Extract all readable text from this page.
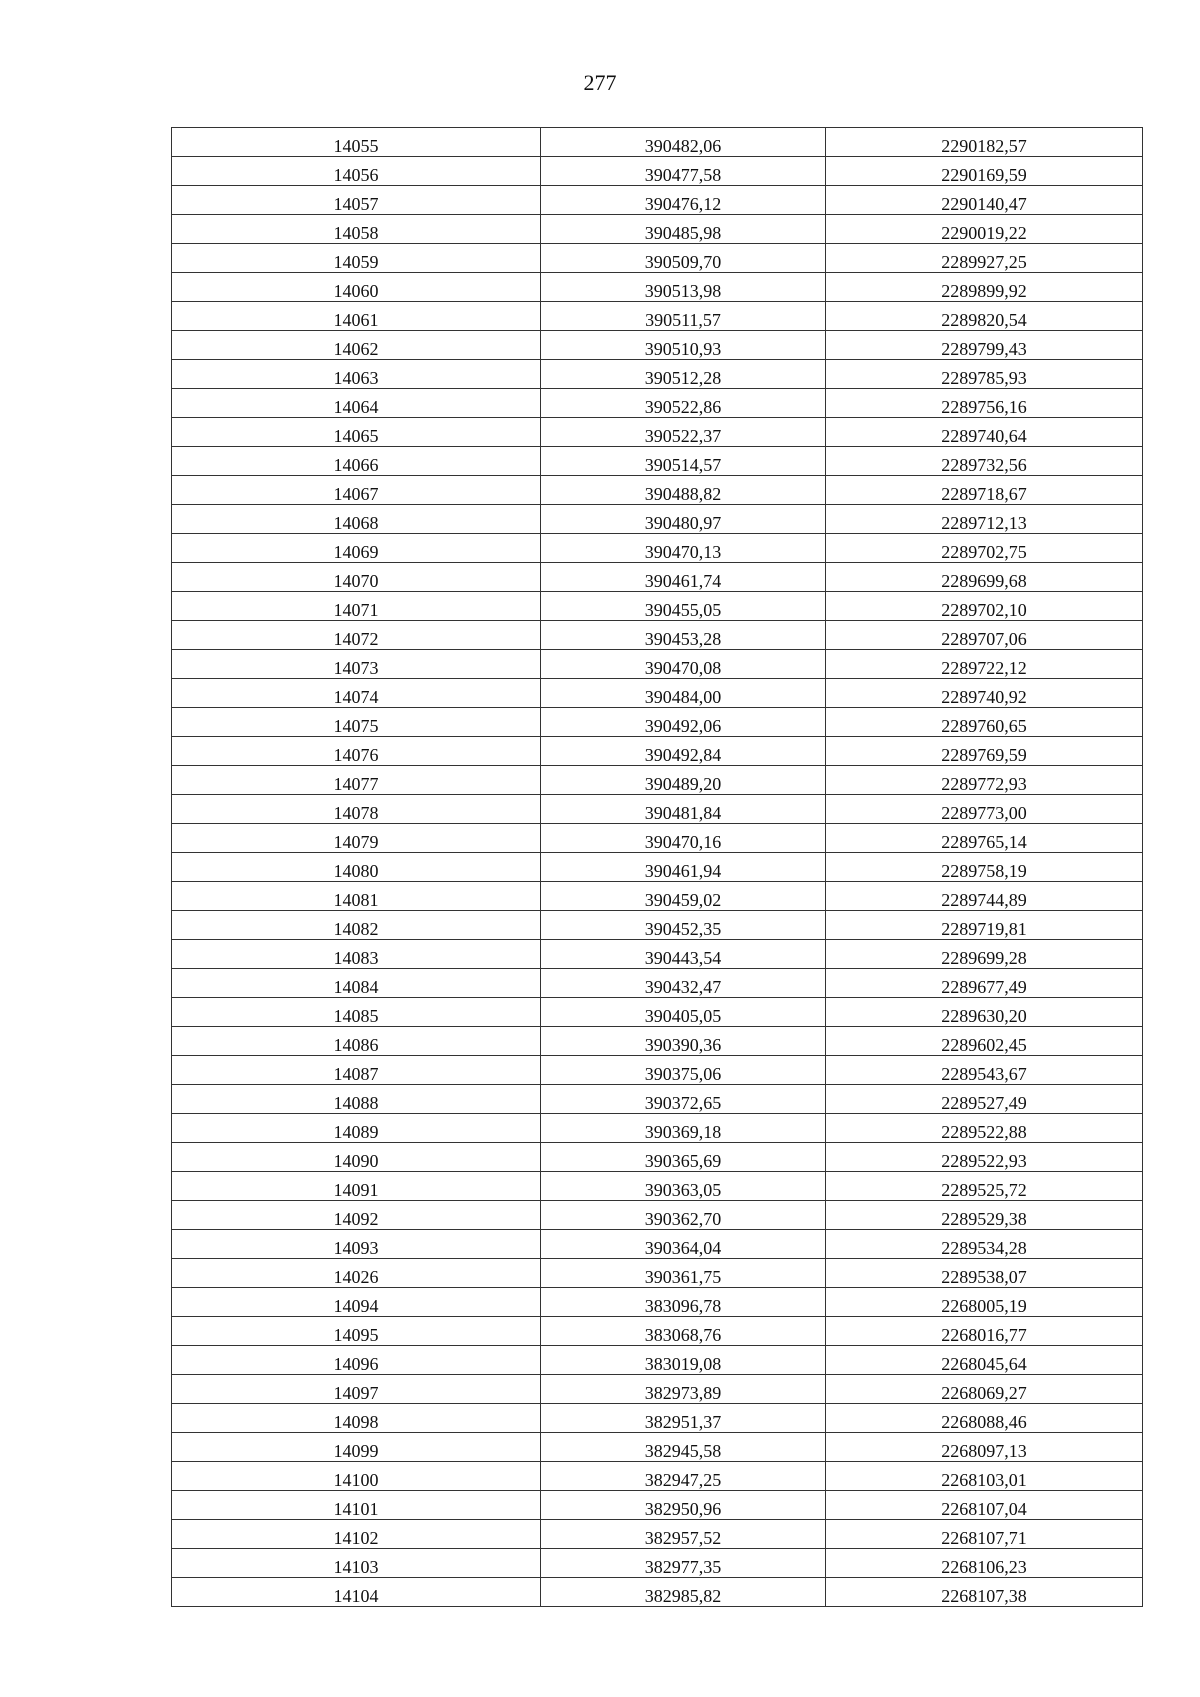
277
14055	390482,06	2290182,57
14056	390477,58	2290169,59
14057	390476,12	2290140,47
14058	390485,98	2290019,22
14059	390509,70	2289927,25
14060	390513,98	2289899,92
14061	390511,57	2289820,54
14062	390510,93	2289799,43
14063	390512,28	2289785,93
14064	390522,86	2289756,16
14065	390522,37	2289740,64
14066	390514,57	2289732,56
14067	390488,82	2289718,67
14068	390480,97	2289712,13
14069	390470,13	2289702,75
14070	390461,74	2289699,68
14071	390455,05	2289702,10
14072	390453,28	2289707,06
14073	390470,08	2289722,12
14074	390484,00	2289740,92
14075	390492,06	2289760,65
14076	390492,84	2289769,59
14077	390489,20	2289772,93
14078	390481,84	2289773,00
14079	390470,16	2289765,14
14080	390461,94	2289758,19
14081	390459,02	2289744,89
14082	390452,35	2289719,81
14083	390443,54	2289699,28
14084	390432,47	2289677,49
14085	390405,05	2289630,20
14086	390390,36	2289602,45
14087	390375,06	2289543,67
14088	390372,65	2289527,49
14089	390369,18	2289522,88
14090	390365,69	2289522,93
14091	390363,05	2289525,72
14092	390362,70	2289529,38
14093	390364,04	2289534,28
14026	390361,75	2289538,07
14094	383096,78	2268005,19
14095	383068,76	2268016,77
14096	383019,08	2268045,64
14097	382973,89	2268069,27
14098	382951,37	2268088,46
14099	382945,58	2268097,13
14100	382947,25	2268103,01
14101	382950,96	2268107,04
14102	382957,52	2268107,71
14103	382977,35	2268106,23
14104	382985,82	2268107,38
